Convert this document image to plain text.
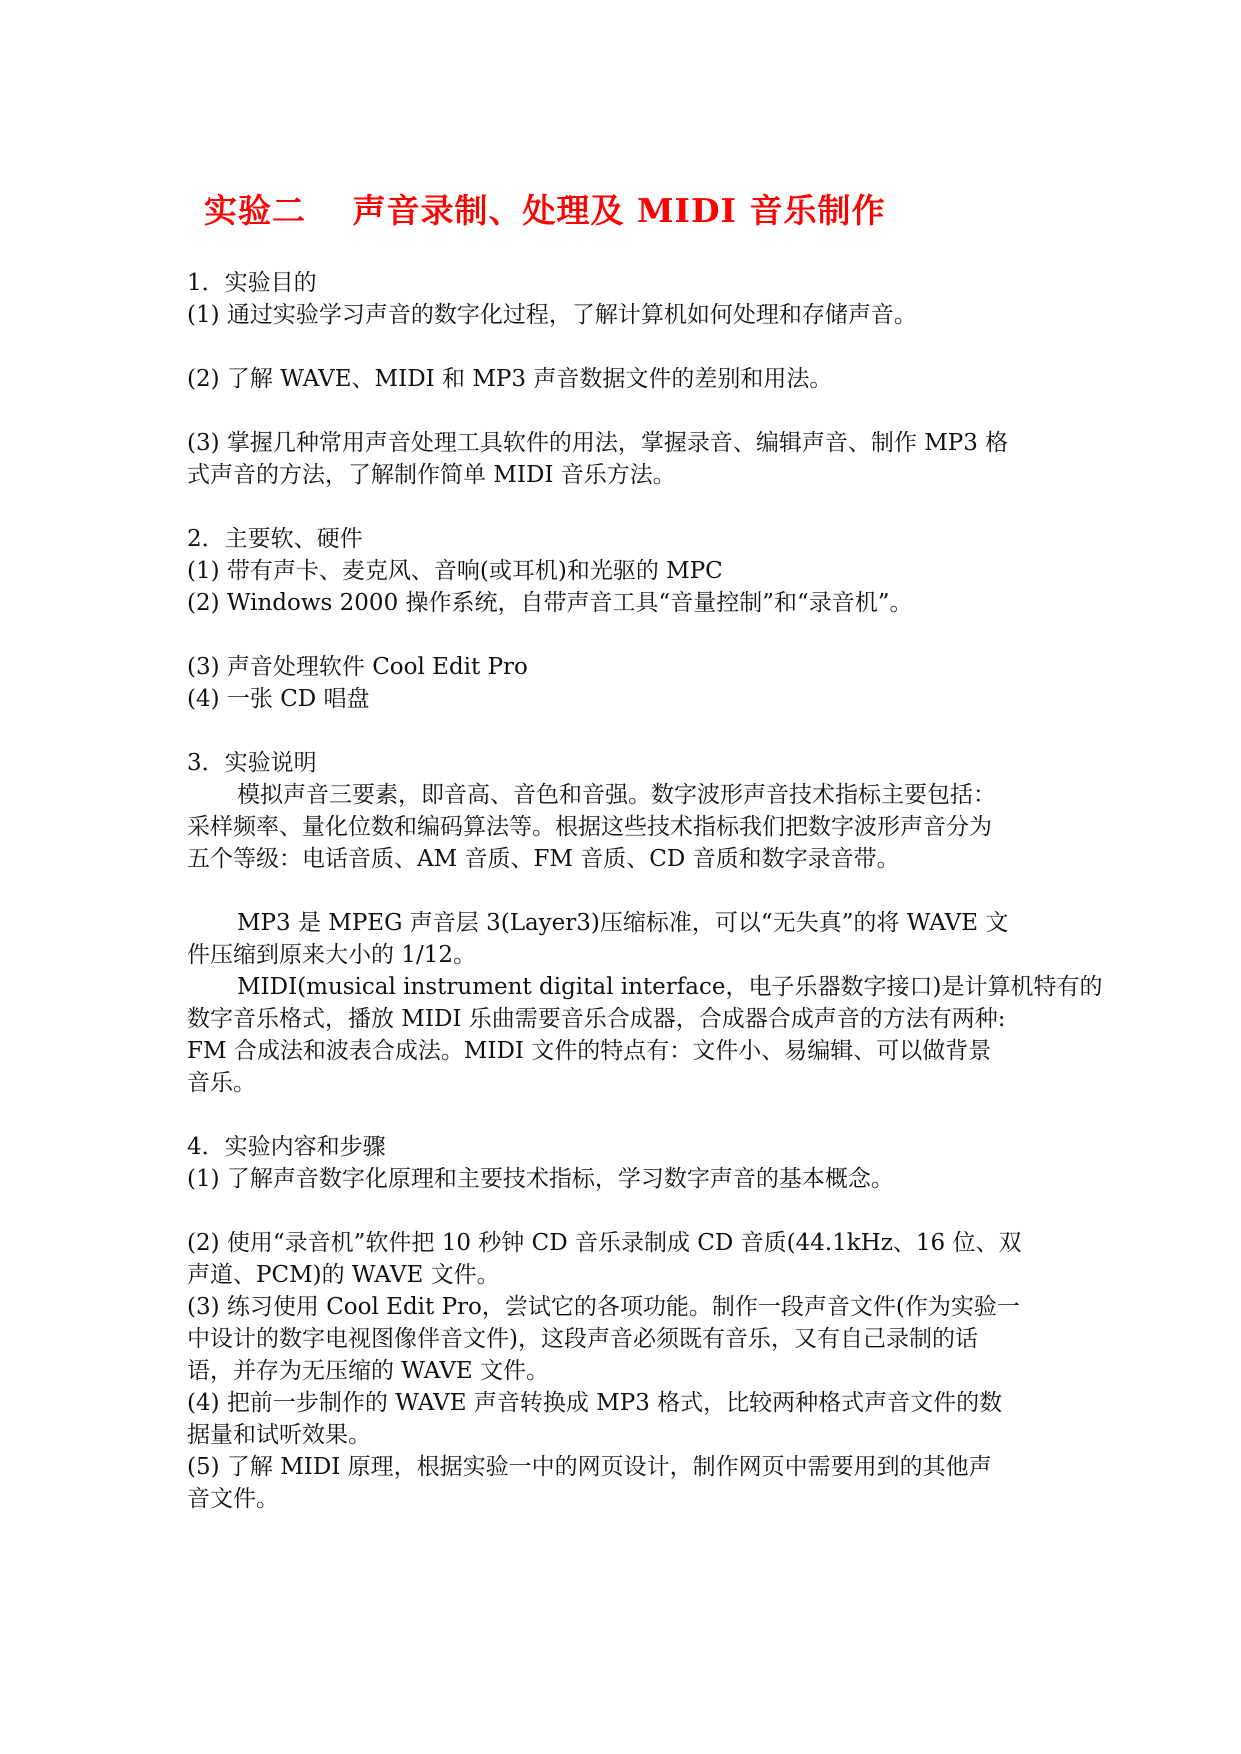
实验二　 声音录制、处理及 MIDI 音乐制作
1．实验目的
(1) 通过实验学习声音的数字化过程，了解计算机如何处理和存储声音。
(2) 了解 WAVE、MIDI 和 MP3 声音数据文件的差别和用法。
(3) 掌握几种常用声音处理工具软件的用法，掌握录音、编辑声音、制作 MP3 格
式声音的方法，了解制作简单 MIDI 音乐方法。
2．主要软、硬件
(1) 带有声卡、麦克风、音响(或耳机)和光驱的 MPC
(2) Windows 2000 操作系统，自带声音工具“音量控制”和“录音机”。
(3) 声音处理软件 Cool Edit Pro
(4) 一张 CD 唱盘
3．实验说明
模拟声音三要素，即音高、音色和音强。数字波形声音技术指标主要包括：
采样频率、量化位数和编码算法等。根据这些技术指标我们把数字波形声音分为
五个等级：电话音质、AM 音质、FM 音质、CD 音质和数字录音带。
MP3 是 MPEG 声音层 3(Layer3)压缩标准，可以“无失真”的将 WAVE 文
件压缩到原来大小的 1/12。
MIDI(musical instrument digital interface，电子乐器数字接口)是计算机特有的
数字音乐格式，播放 MIDI 乐曲需要音乐合成器，合成器合成声音的方法有两种:
FM 合成法和波表合成法。MIDI 文件的特点有：文件小、易编辑、可以做背景
音乐。
4．实验内容和步骤
(1) 了解声音数字化原理和主要技术指标，学习数字声音的基本概念。
(2) 使用“录音机”软件把 10 秒钟 CD 音乐录制成 CD 音质(44.1kHz、16 位、双
声道、PCM)的 WAVE 文件。
(3) 练习使用 Cool Edit Pro，尝试它的各项功能。制作一段声音文件(作为实验一
中设计的数字电视图像伴音文件)，这段声音必须既有音乐，又有自己录制的话
语，并存为无压缩的 WAVE 文件。
(4) 把前一步制作的 WAVE 声音转换成 MP3 格式，比较两种格式声音文件的数
据量和试听效果。
(5) 了解 MIDI 原理，根据实验一中的网页设计，制作网页中需要用到的其他声
音文件。
